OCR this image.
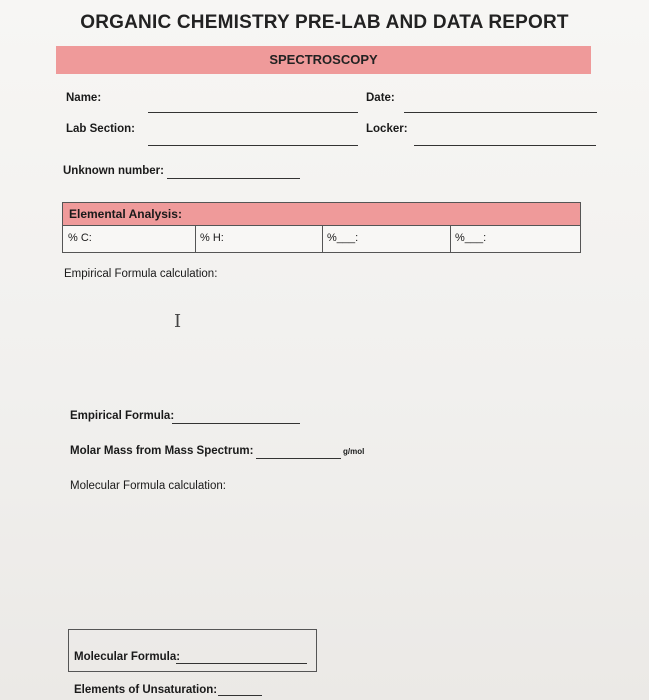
ORGANIC CHEMISTRY PRE-LAB AND DATA REPORT
SPECTROSCOPY
Name:	Date:
Lab Section:	Locker:
Unknown number:
Elemental Analysis:
% C:	% H:	%___:	%___:
Empirical Formula calculation:
I
Empirical Formula:
Molar Mass from Mass Spectrum:	g/mol
Molecular Formula calculation:
Molecular Formula:
Elements of Unsaturation:
